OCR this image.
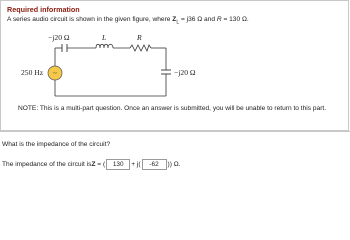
Required information
A series audio circuit is shown in the given figure, where $Z_L = j36$ Ω and R = 130 Ω.
~
−j20 Ω	L	R
250 Hz	−j20 Ω
NOTE: This is a multi-part question. Once an answer is submitted, you will be unable to return to this part.
What is the impedance of the circuit?
The impedance of the circuit is Z = (	130	+ j(	-62	)) Ω.
